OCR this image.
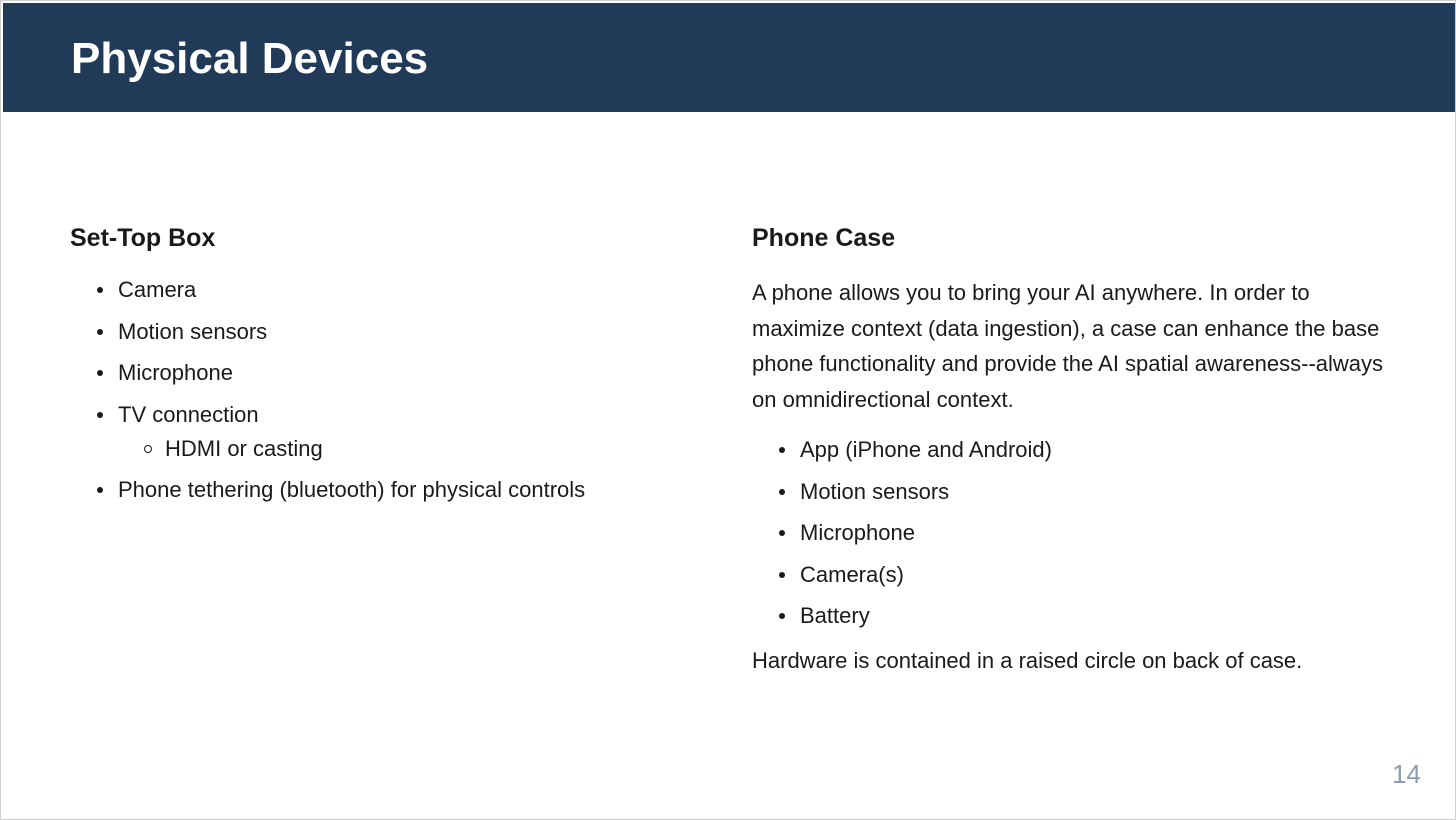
Physical Devices
Set-Top Box
Camera
Motion sensors
Microphone
TV connection
HDMI or casting
Phone tethering (bluetooth) for physical controls
Phone Case

A phone allows you to bring your AI anywhere. In order to maximize context (data ingestion), a case can enhance the base phone functionality and provide the AI spatial awareness--always on omnidirectional context.

App (iPhone and Android)
Motion sensors
Microphone
Camera(s)
Battery

Hardware is contained in a raised circle on back of case.

14
